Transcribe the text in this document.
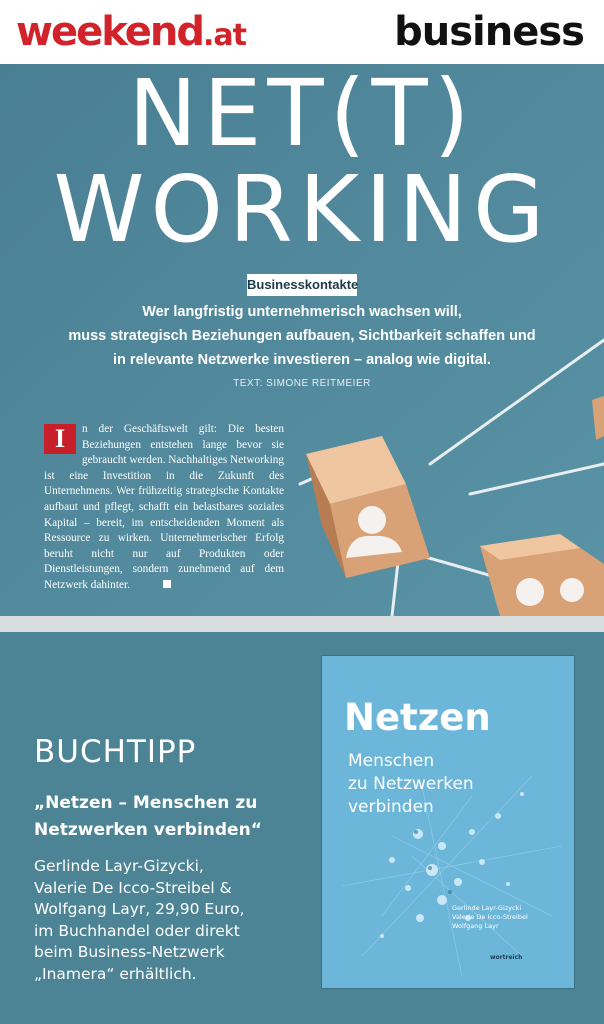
weekend.at	business
NET(T)
WORKING
Businesskontakte
Wer langfristig unternehmerisch wachsen will,
muss strategisch Beziehungen aufbauen, Sichtbarkeit schaffen und
in relevante Netzwerke investieren – analog wie digital.
TEXT: SIMONE REITMEIER
I	n der Geschäftswelt gilt: Die besten Beziehungen entstehen lange bevor sie gebraucht werden. Nachhaltiges Networking ist eine Investition in die Zukunft des Unternehmens. Wer frühzeitig strategische Kontakte aufbaut und pflegt, schafft ein belastbares soziales Kapital – bereit, im entscheidenden Moment als Ressource zu wirken. Unternehmerischer Erfolg beruht nicht nur auf Produkten oder Dienstleistungen, sondern zunehmend auf dem Netzwerk dahinter.
BUCHTIPP
„Netzen – Menschen zu
Netzwerken verbinden“
Gerlinde Layr-Gizycki,
Valerie De Icco-Streibel &
Wolfgang Layr, 29,90 Euro,
im Buchhandel oder direkt
beim Business-Netzwerk
„Inamera“ erhältlich.
Netzen
Menschen
zu Netzwerken
verbinden
Gerlinde Layr-Gizycki
Valerie De Icco-Streibel
Wolfgang Layr
wortreich
